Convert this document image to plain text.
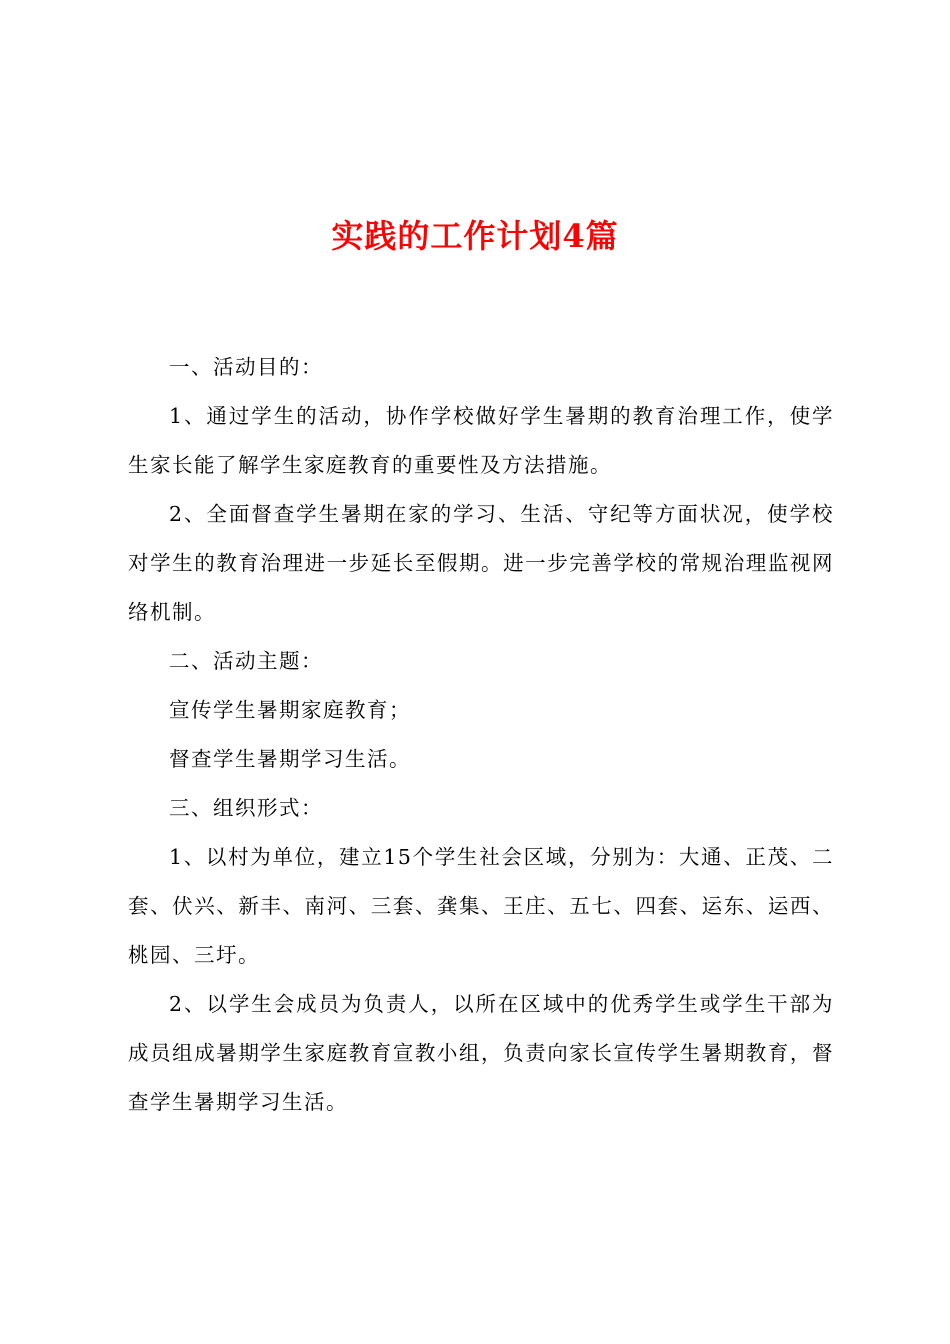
实践的工作计划4篇

一、活动目的：

1、通过学生的活动，协作学校做好学生暑期的教育治理工作，使学生家长能了解学生家庭教育的重要性及方法措施。

2、全面督查学生暑期在家的学习、生活、守纪等方面状况，使学校对学生的教育治理进一步延长至假期。进一步完善学校的常规治理监视网络机制。

二、活动主题：

宣传学生暑期家庭教育；

督查学生暑期学习生活。

三、组织形式：

1、以村为单位，建立15个学生社会区域，分别为：大通、正茂、二套、伏兴、新丰、南河、三套、龚集、王庄、五七、四套、运东、运西、桃园、三圩。

2、以学生会成员为负责人，以所在区域中的优秀学生或学生干部为成员组成暑期学生家庭教育宣教小组，负责向家长宣传学生暑期教育，督查学生暑期学习生活。
